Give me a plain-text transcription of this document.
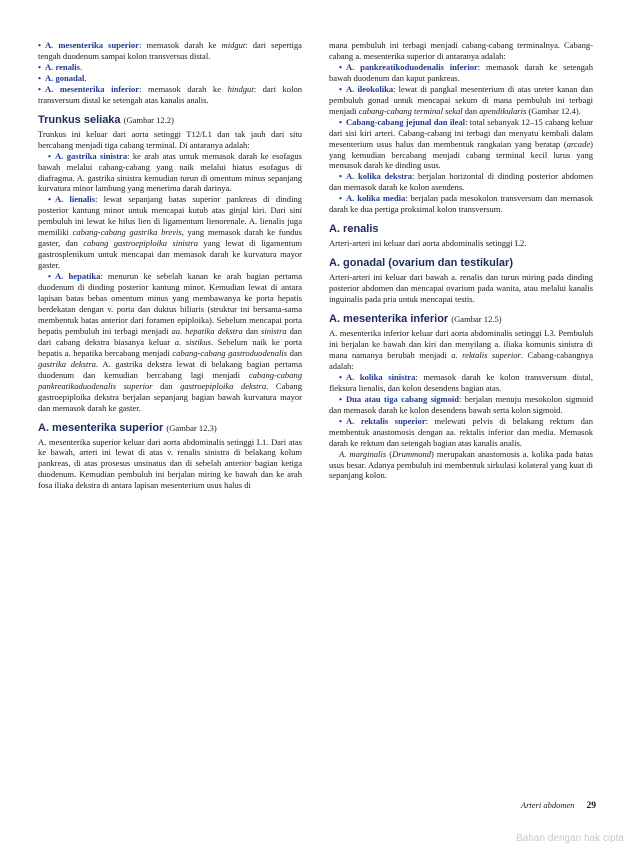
• A. mesenterika superior: memasok darah ke midgut: dari sepertiga tengah duodenum sampai kolon transversus distal.

• A. renalis.

• A. gonadal.

• A. mesenterika inferior: memasok darah ke hindgut: dari kolon transversum distal ke setengah atas kanalis analis.

Trunkus seliaka (Gambar 12.2)

Trunkus ini keluar dari aorta setinggi T12/L1 dan tak jauh dari situ bercabang menjadi tiga cabang terminal. Di antaranya adalah:

• A. gastrika sinistra: ke arah atas untuk memasok darah ke esofagus bawah melalui cabang-cabang yang naik melalui hiatus esofagus di diafragma. A. gastrika sinistra kemudian turun di omentum minus sepanjang kurvatura minor lambung yang menerima darah darinya.

• A. lienalis: lewat sepanjang batas superior pankreas di dinding posterior kantung minor untuk mencapai kutub atas ginjal kiri. Dari sini pembuluh ini lewat ke hilus lien di ligamentum lienorenale. A. lienalis juga memiliki cabang-cabang gastrika brevis, yang memasok darah ke fundus gaster, dan cabang gastroepiploika sinistra yang lewat di ligamentum gastrosplenikum untuk mencapai dan memasok darah ke kurvatura mayor gaster.

• A. hepatika: menurun ke sebelah kanan ke arah bagian pertama duodenum di dinding posterior kantung minor. Kemudian lewat di antara lapisan batas bebas omentum minus yang membawanya ke porta hepatis berdekatan dengan v. porta dan duktus biliaris (struktur ini bersama-sama membentuk batas anterior dari foramen epiploika). Sebelum mencapai porta hepatis pembuluh ini terbagi menjadi aa. hepatika dekstra dan sinistra dan dari cabang dekstra biasanya keluar a. sistikus. Sebelum naik ke porta hepatis a. hepatika bercabang menjadi cabang-cabang gastroduodenalis dan gastrika dekstra. A. gastrika dekstra lewat di belakang bagian pertama duodenum dan kemudian bercabang lagi menjadi cabang-cabang pankreatikoduodenalis superior dan gastroepiploika dekstra. Cabang gastroepiploika dekstra berjalan sepanjang bagian bawah kurvatura mayor dan memasok darah ke gaster.

A. mesenterika superior (Gambar 12.3)

A. mesenterika superior keluar dari aorta abdominalis setinggi L1. Dari atas ke bawah, arteri ini lewat di atas v. renalis sinistra di belakang kolum pankreas, di atas prosesus unsinatus dan di sebelah anterior bagian ketiga duodenum. Kemudian pembuluh ini berjalan miring ke bawah dan ke arah fosa iliaka dekstra di antara lapisan mesenterium usus halus di

mana pembuluh ini terbagi menjadi cabang-cabang terminalnya. Cabang-cabang a. mesenterika superior di antaranya adalah:

• A. pankreatikoduodenalis inferior: memasok darah ke setengah bawah duodenum dan kaput pankreas.

• A. ileokolika: lewat di pangkal mesenterium di atas ureter kanan dan pembuluh gonad untuk mencapai sekum di mana pembuluh ini terbagi menjadi cabang-cabang terminal sekal dan apendikularis (Gambar 12.4).

• Cabang-cabang jejunal dan ileal: total sebanyak 12–15 cabang keluar dari sisi kiri arteri. Cabang-cabang ini terbagi dan menyatu kembali dalam mesenterium usus halus dan membentuk rangkaian yang beratap (arcade) yang kemudian bercabang menjadi cabang terminal kecil lurus yang memasok darah ke dinding usus.

• A. kolika dekstra: berjalan horizontal di dinding posterior abdomen dan memasok darah ke kolon asendens.

• A. kolika media: berjalan pada mesokolon transversum dan memasok darah ke dua pertiga proksimal kolon transversum.

A. renalis

Arteri-arteri ini keluar dari aorta abdominalis setinggi L2.

A. gonadal (ovarium dan testikular)

Arteri-arteri ini keluar dari bawah a. renalis dan turun miring pada dinding posterior abdomen dan mencapai ovarium pada wanita, atau melalui kanalis inguinalis pada pria untuk mencapai testis.

A. mesenterika inferior (Gambar 12.5)

A. mesenterika inferior keluar dari aorta abdominalis setinggi L3. Pembuluh ini berjalan ke bawah dan kiri dan menyilang a. iliaka komunis sinistra di mana namanya berubah menjadi a. rektalis superior. Cabang-cabangnya adalah:

• A. kolika sinistra: memasok darah ke kolon transversum distal, fleksura lienalis, dan kolon desendens bagian atas.

• Dua atau tiga cabang sigmoid: berjalan menuju mesokolon sigmoid dan memasok darah ke kolon desendens bawah serta kolon sigmoid.

• A. rektalis superior: melewati pelvis di belakang rektum dan membentuk anastomosis dengan aa. rektalis inferior dan media. Memasok darah ke rektum dan setengah bagian atas kanalis analis.

A. marginalis (Drummond) merupakan anastomosis a. kolika pada batas usus besar. Adanya pembuluh ini membentuk sirkulasi kolateral yang kuat di sepanjang kolon.

Arteri abdomen 29
Bahan dengan hak cipta
